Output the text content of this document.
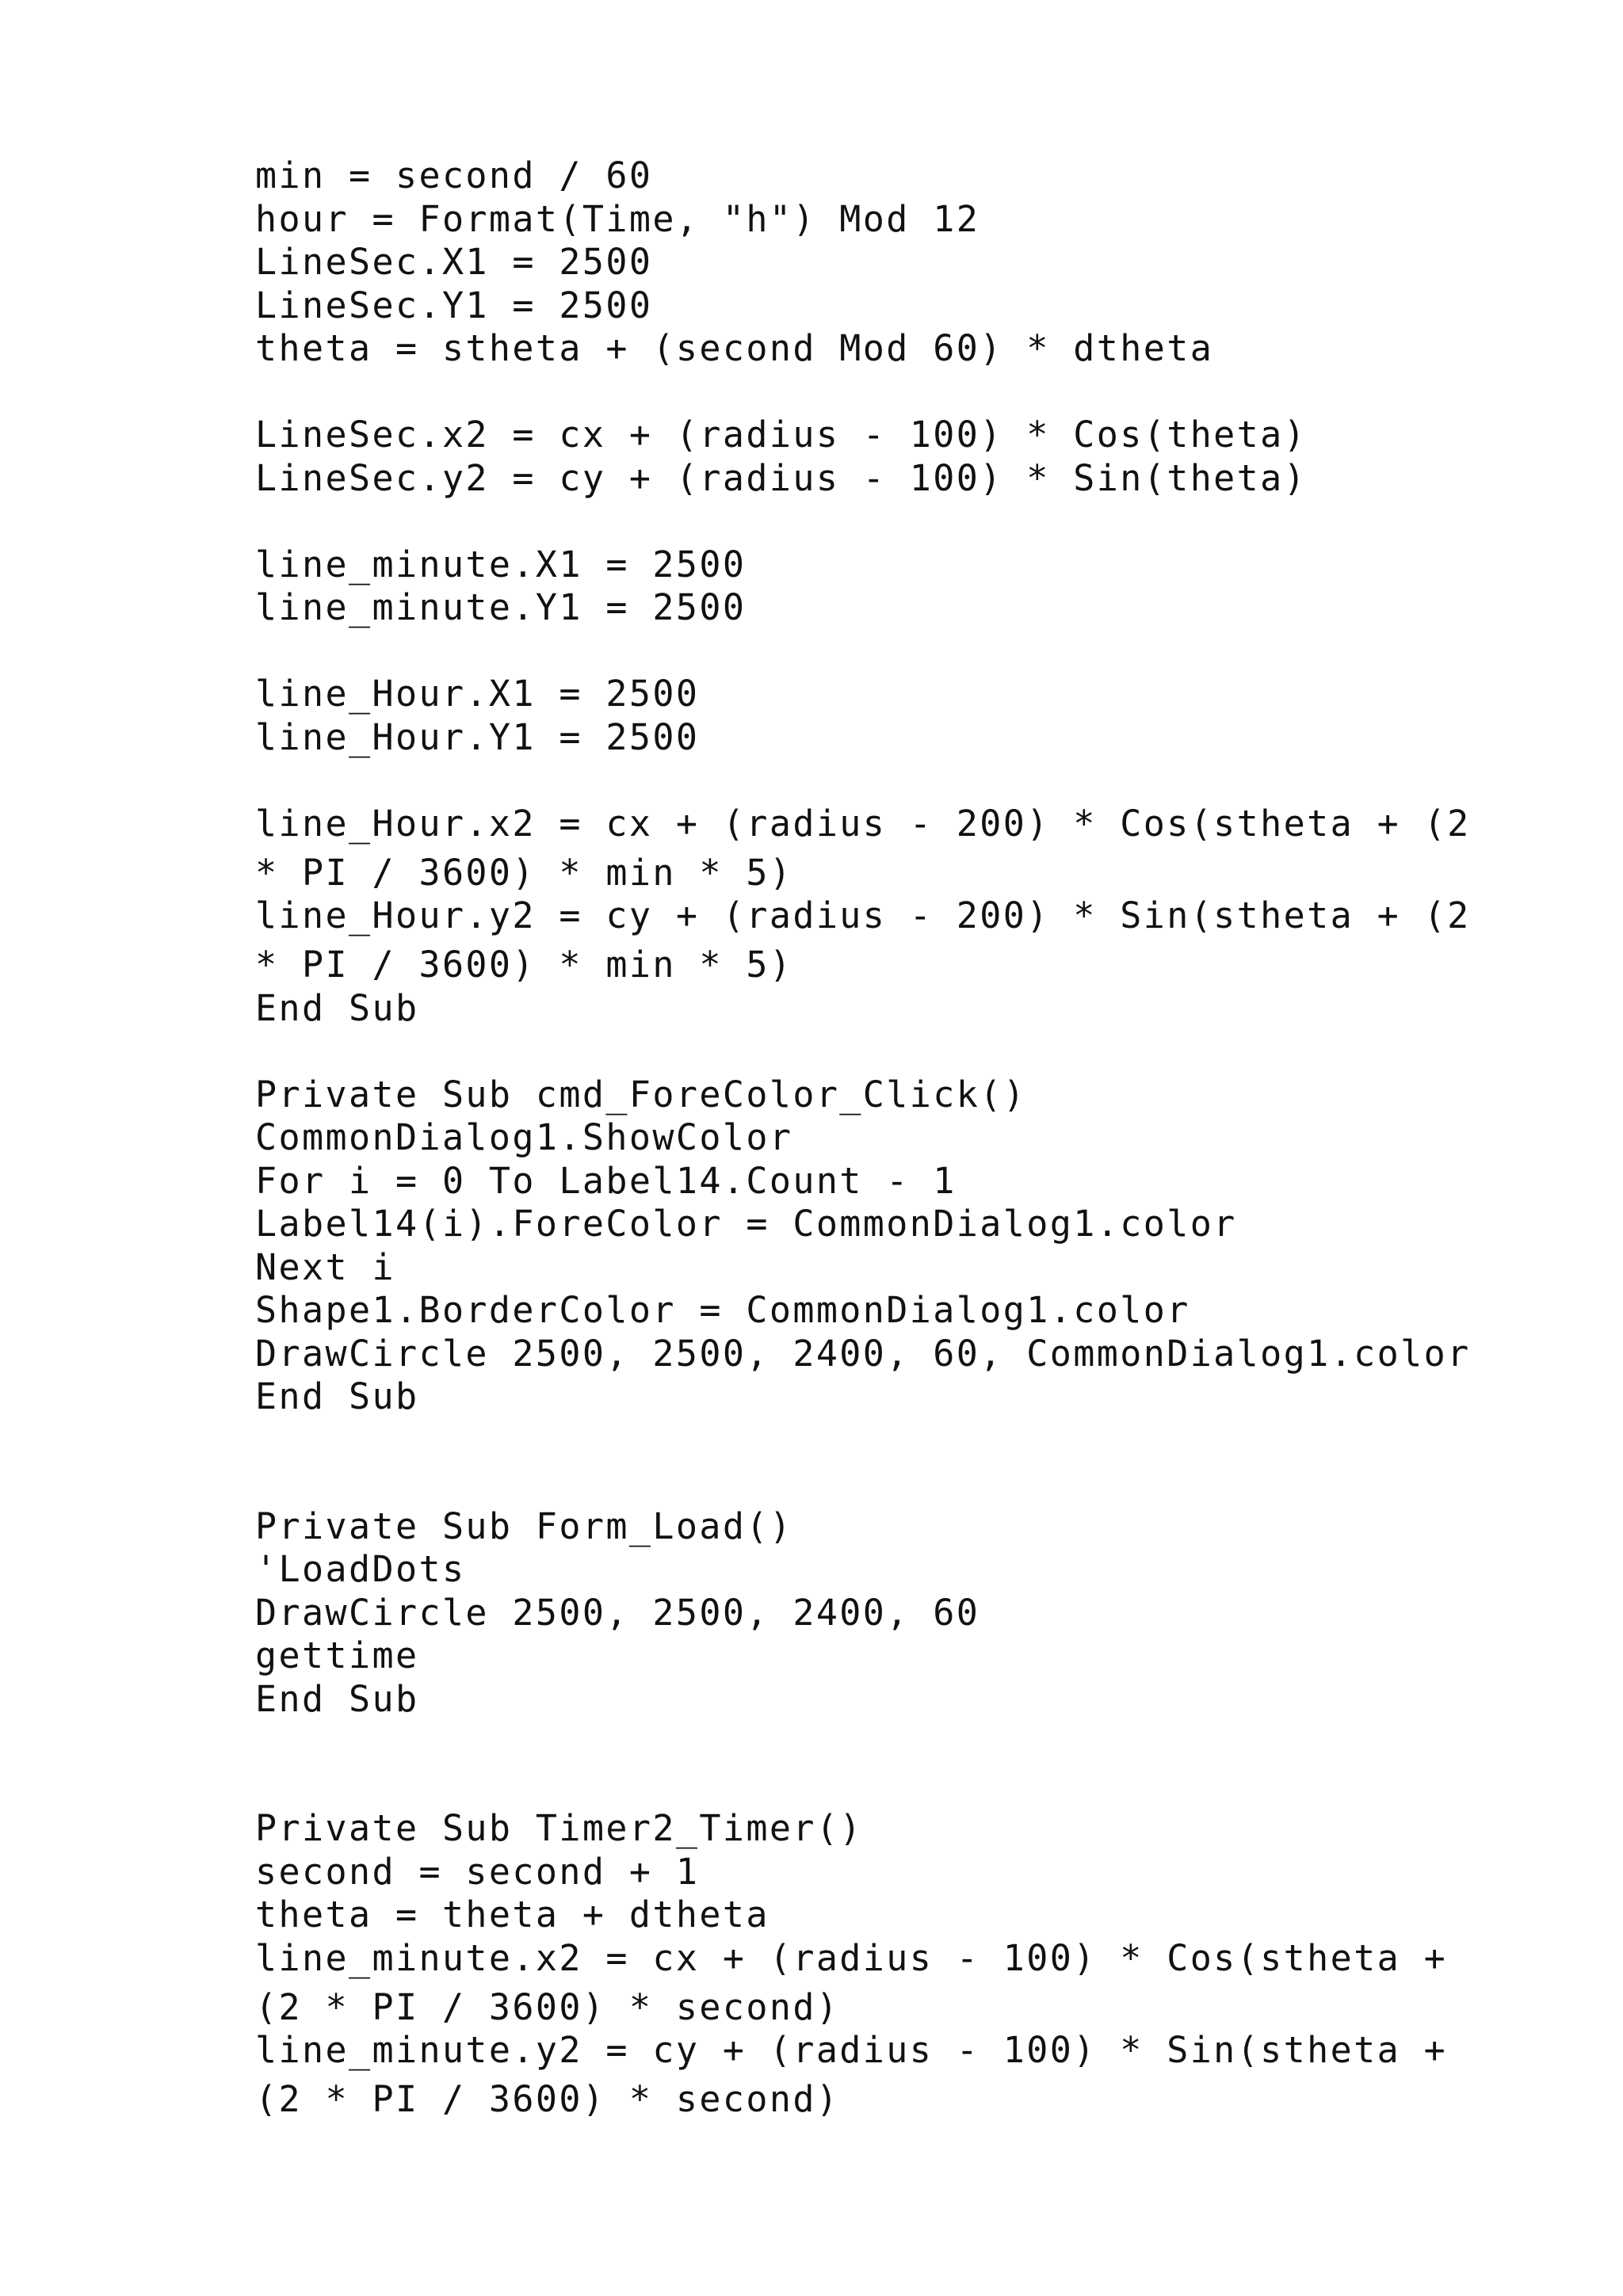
min = second / 60
hour = Format(Time, "h") Mod 12
LineSec.X1 = 2500
LineSec.Y1 = 2500
theta = stheta + (second Mod 60) * dtheta
LineSec.x2 = cx + (radius - 100) * Cos(theta)
LineSec.y2 = cy + (radius - 100) * Sin(theta)
line_minute.X1 = 2500
line_minute.Y1 = 2500
line_Hour.X1 = 2500
line_Hour.Y1 = 2500
line_Hour.x2 = cx + (radius - 200) * Cos(stheta + (2
* PI / 3600) * min * 5)
line_Hour.y2 = cy + (radius - 200) * Sin(stheta + (2
* PI / 3600) * min * 5)
End Sub
Private Sub cmd_ForeColor_Click()
CommonDialog1.ShowColor
For i = 0 To Label14.Count - 1
Label14(i).ForeColor = CommonDialog1.color
Next i
Shape1.BorderColor = CommonDialog1.color
DrawCircle 2500, 2500, 2400, 60, CommonDialog1.color
End Sub
Private Sub Form_Load()
'LoadDots
DrawCircle 2500, 2500, 2400, 60
gettime
End Sub
Private Sub Timer2_Timer()
second = second + 1
theta = theta + dtheta
line_minute.x2 = cx + (radius - 100) * Cos(stheta +
(2 * PI / 3600) * second)
line_minute.y2 = cy + (radius - 100) * Sin(stheta +
(2 * PI / 3600) * second)
